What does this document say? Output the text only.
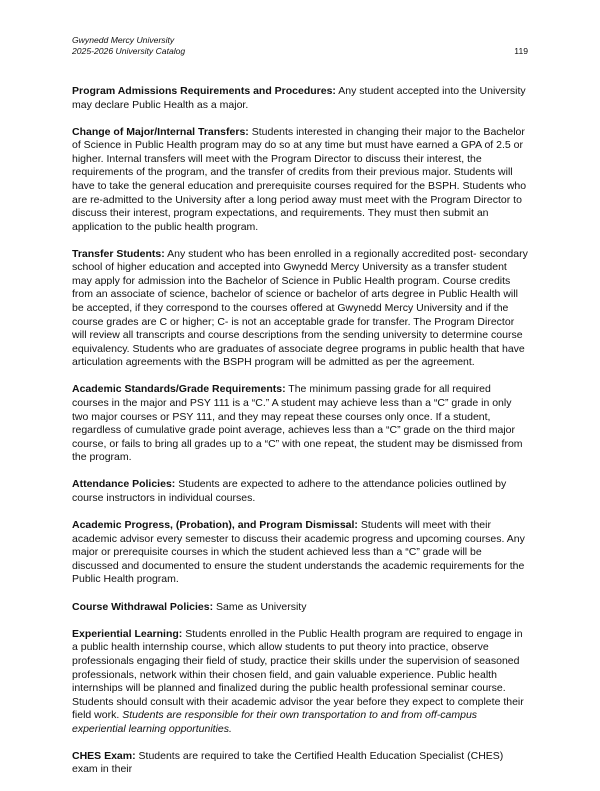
Gwynedd Mercy University
2025-2026 University Catalog	119

Program Admissions Requirements and Procedures: Any student accepted into the University may declare Public Health as a major.

Change of Major/Internal Transfers: Students interested in changing their major to the Bachelor of Science in Public Health program may do so at any time but must have earned a GPA of 2.5 or higher. Internal transfers will meet with the Program Director to discuss their interest, the requirements of the program, and the transfer of credits from their previous major. Students will have to take the general education and prerequisite courses required for the BSPH. Students who are re-admitted to the University after a long period away must meet with the Program Director to discuss their interest, program expectations, and requirements. They must then submit an application to the public health program.

Transfer Students: Any student who has been enrolled in a regionally accredited post- secondary school of higher education and accepted into Gwynedd Mercy University as a transfer student may apply for admission into the Bachelor of Science in Public Health program. Course credits from an associate of science, bachelor of science or bachelor of arts degree in Public Health will be accepted, if they correspond to the courses offered at Gwynedd Mercy University and if the course grades are C or higher; C- is not an acceptable grade for transfer. The Program Director will review all transcripts and course descriptions from the sending university to determine course equivalency. Students who are graduates of associate degree programs in public health that have articulation agreements with the BSPH program will be admitted as per the agreement.

Academic Standards/Grade Requirements: The minimum passing grade for all required courses in the major and PSY 111 is a “C.” A student may achieve less than a “C” grade in only two major courses or PSY 111, and they may repeat these courses only once. If a student, regardless of cumulative grade point average, achieves less than a “C” grade on the third major course, or fails to bring all grades up to a “C” with one repeat, the student may be dismissed from the program.

Attendance Policies: Students are expected to adhere to the attendance policies outlined by course instructors in individual courses.

Academic Progress, (Probation), and Program Dismissal: Students will meet with their academic advisor every semester to discuss their academic progress and upcoming courses. Any major or prerequisite courses in which the student achieved less than a “C” grade will be discussed and documented to ensure the student understands the academic requirements for the Public Health program.

Course Withdrawal Policies: Same as University

Experiential Learning: Students enrolled in the Public Health program are required to engage in a public health internship course, which allow students to put theory into practice, observe professionals engaging their field of study, practice their skills under the supervision of seasoned professionals, network within their chosen field, and gain valuable experience. Public health internships will be planned and finalized during the public health professional seminar course. Students should consult with their academic advisor the year before they expect to complete their field work. Students are responsible for their own transportation to and from off-campus experiential learning opportunities.

CHES Exam: Students are required to take the Certified Health Education Specialist (CHES) exam in their
